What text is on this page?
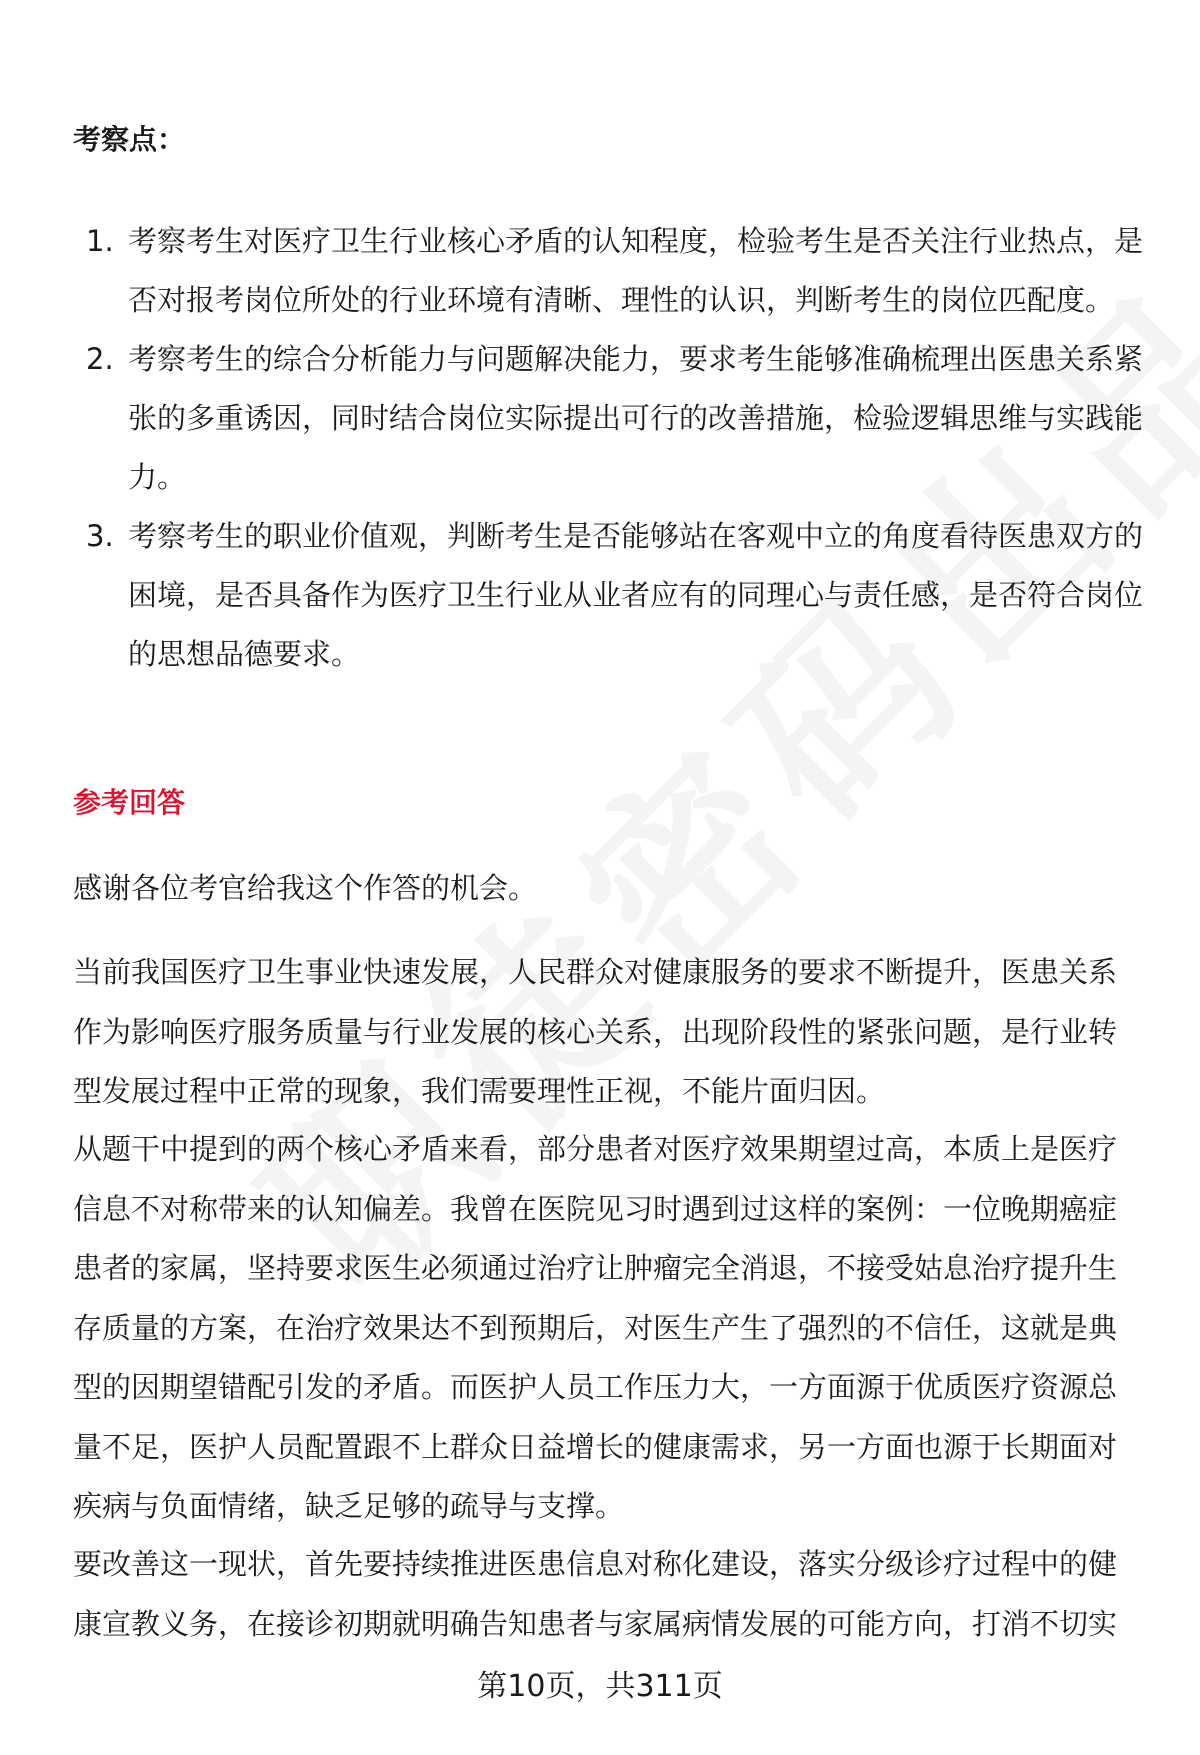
考察点：
1. 考察考生对医疗卫生行业核心矛盾的认知程度，检验考生是否关注行业热点，是否对报考岗位所处的行业环境有清晰、理性的认识，判断考生的岗位匹配度。
2. 考察考生的综合分析能力与问题解决能力，要求考生能够准确梳理出医患关系紧张的多重诱因，同时结合岗位实际提出可行的改善措施，检验逻辑思维与实践能力。
3. 考察考生的职业价值观，判断考生是否能够站在客观中立的角度看待医患双方的困境，是否具备作为医疗卫生行业从业者应有的同理心与责任感，是否符合岗位的思想品德要求。
参考回答

感谢各位考官给我这个作答的机会。

当前我国医疗卫生事业快速发展，人民群众对健康服务的要求不断提升，医患关系作为影响医疗服务质量与行业发展的核心关系，出现阶段性的紧张问题，是行业转型发展过程中正常的现象，我们需要理性正视，不能片面归因。

从题干中提到的两个核心矛盾来看，部分患者对医疗效果期望过高，本质上是医疗信息不对称带来的认知偏差。我曾在医院见习时遇到过这样的案例：一位晚期癌症患者的家属，坚持要求医生必须通过治疗让肿瘤完全消退，不接受姑息治疗提升生存质量的方案，在治疗效果达不到预期后，对医生产生了强烈的不信任，这就是典型的因期望错配引发的矛盾。而医护人员工作压力大，一方面源于优质医疗资源总量不足，医护人员配置跟不上群众日益增长的健康需求，另一方面也源于长期面对疾病与负面情绪，缺乏足够的疏导与支撑。

要改善这一现状，首先要持续推进医患信息对称化建设，落实分级诊疗过程中的健康宣教义务，在接诊初期就明确告知患者与家属病情发展的可能方向，打消不切实

第10页，共311页
